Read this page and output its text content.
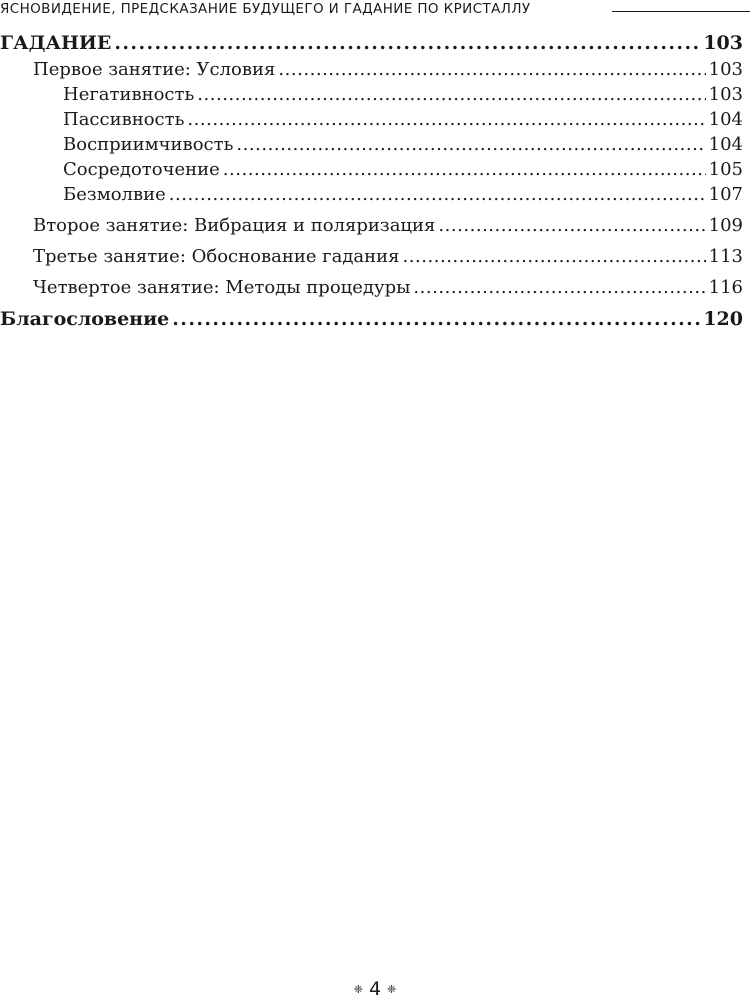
ЯСНОВИДЕНИЕ, ПРЕДСКАЗАНИЕ БУДУЩЕГО И ГАДАНИЕ ПО КРИСТАЛЛУ
ГАДАНИЕ . . .	103
Первое занятие: Условия . . .	103
Негативность . . .	103
Пассивность . . .	104
Восприимчивость . . .	104
Сосредоточение . . .	105
Безмолвие . . .	107
Второе занятие: Вибрация и поляризация . . .	109
Третье занятие: Обоснование гадания . . .	113
Четвертое занятие: Методы процедуры . . .	116
Благословение . . .	120
❈ 4 ❈
